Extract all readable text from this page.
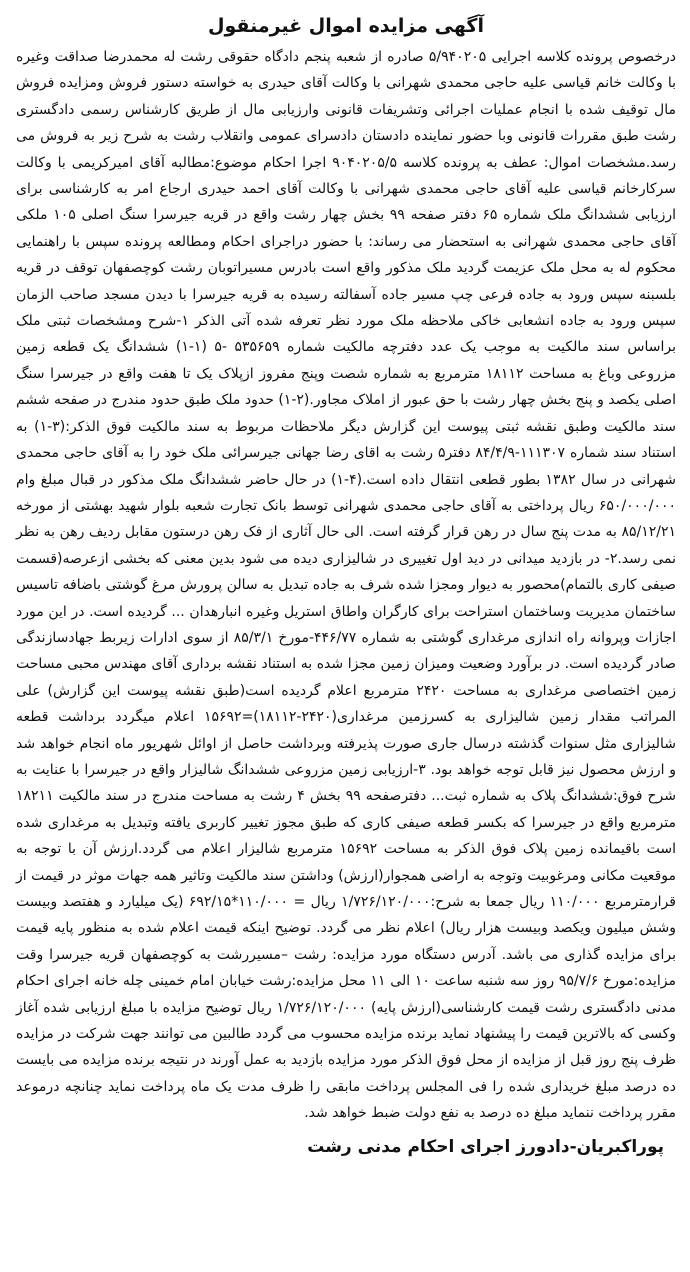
آگهی مزایده اموال غیرمنقول

درخصوص پرونده کلاسه اجرایی ۵/۹۴۰۲۰۵ صادره از شعبه پنجم دادگاه حقوقی رشت له محمدرضا صداقت وغیره با وکالت خانم قیاسی علیه حاجی محمدی شهرانی با وکالت آقای حیدری به خواسته دستور فروش ومزایده فروش مال توقیف شده با انجام عملیات اجرائی وتشریفات قانونی وارزیابی مال از طریق کارشناس رسمی دادگستری رشت طبق مقررات قانونی وبا حضور نماینده دادستان دادسرای عمومی وانقلاب رشت به شرح زیر به فروش می رسد.مشخصات اموال: عطف به پرونده کلاسه ۹۰۴۰۲۰۵/۵ اجرا احکام موضوع:مطالبه آقای امیرکریمی با وکالت سرکارخانم قیاسی علیه آقای حاجی محمدی شهرانی با وکالت آقای احمد حیدری ارجاع امر به کارشناسی برای ارزیابی ششدانگ ملک شماره ۶۵ دفتر صفحه ۹۹ بخش چهار رشت واقع در قریه جیرسرا سنگ اصلی ۱۰۵ ملکی آقای حاجی محمدی شهرانی به استحضار می رساند: با حضور دراجرای احکام ومطالعه پرونده سپس با راهنمایی محکوم له به محل ملک عزیمت گردید ملک مذکور واقع است بادرس مسیراتوبان رشت کوچصفهان توقف در قریه بلسبنه سپس ورود به جاده فرعی چپ مسیر جاده آسفالته رسیده به قریه جیرسرا با دیدن مسجد صاحب الزمان سپس ورود به جاده انشعابی خاکی ملاحظه ملک مورد نظر تعرفه شده آتی الذکر ۱-شرح ومشخصات ثبتی ملک براساس سند مالکیت به موجب یک عدد دفترچه مالکیت شماره ۵۳۵۶۵۹ -۵ (۱-۱) ششدانگ یک قطعه زمین مزروعی وباغ به مساحت ۱۸۱۱۲ مترمربع به شماره شصت وپنج مفروز ازپلاک یک تا هفت واقع در جیرسرا سنگ اصلی یکصد و پنج بخش چهار رشت با حق عبور از املاک مجاور.(۲-۱) حدود ملک طبق حدود مندرج در صفحه ششم سند مالکیت وطبق نقشه ثبتی پیوست این گزارش دیگر ملاحظات مربوط به سند مالکیت فوق الذکر:(۳-۱) به استناد سند شماره ۱۱۱۳۰۷-۸۴/۴/۹ دفتر۵ رشت به اقای رضا جهانی جیرسرائی ملک خود را به آقای حاجی محمدی شهرانی در سال ۱۳۸۲ بطور قطعی انتقال داده است.(۴-۱) در حال حاضر ششدانگ ملک مذکور در قبال مبلغ وام ۶۵۰/۰۰۰/۰۰۰ ریال پرداختی به آقای حاجی محمدی شهرانی توسط بانک تجارت شعبه بلوار شهید بهشتی از مورخه ۸۵/۱۲/۲۱ به مدت پنج سال در رهن قرار گرفته است. الی حال آثاری از فک رهن درستون مقابل ردیف رهن به نظر نمی رسد.۲- در بازدید میدانی در دید اول تغییری در شالیزاری دیده می شود بدین معنی که بخشی ازعرصه(قسمت صیفی کاری بالتمام)محصور به دیوار ومجزا شده شرف به جاده تبدیل به سالن پرورش مرغ گوشتی باضافه تاسیس ساختمان مدیریت وساختمان استراحت برای کارگران واطاق استریل وغیره انبارهدان ... گردیده است. در این مورد اجازات وپروانه راه اندازی مرغداری گوشتی به شماره ۴۴۶/۷۷-مورخ ۸۵/۳/۱ از سوی ادارات زیربط جهادسازندگی صادر گردیده است. در برآورد وضعیت ومیزان زمین مجزا شده به استناد نقشه برداری آقای مهندس محبی مساحت زمین اختصاصی مرغداری به مساحت ۲۴۲۰ مترمربع اعلام گردیده است(طبق نقشه پیوست این گزارش) علی المراتب مقدار زمین شالیزاری به کسرزمین مرغداری(۲۴۲۰-۱۸۱۱۲)=۱۵۶۹۲ اعلام میگردد برداشت قطعه شالیزاری مثل سنوات گذشته درسال جاری صورت پذیرفته وبرداشت حاصل از اوائل شهریور ماه انجام خواهد شد و ارزش محصول نیز قابل توجه خواهد بود. ۳-ارزیابی زمین مزروعی ششدانگ شالیزار واقع در جیرسرا با عنایت به شرح فوق:ششدانگ پلاک به شماره ثبت... دفترصفحه ۹۹ بخش ۴ رشت به مساحت مندرج در سند مالکیت ۱۸۲۱۱ مترمربع واقع در جیرسرا که بکسر قطعه صیفی کاری که طبق مجوز تغییر کاربری یافته وتبدیل به مرغداری شده است باقیمانده زمین پلاک فوق الذکر به مساحت ۱۵۶۹۲ مترمربع شالیزار اعلام می گردد.ارزش آن با توجه به موقعیت مکانی ومرغوبیت وتوجه به اراضی همجوار(ارزش) وداشتن سند مالکیت وتاثیر همه جهات موثر در قیمت از قرارمترمربع ۱۱۰/۰۰۰ ریال جمعا به شرح:۱/۷۲۶/۱۲۰/۰۰۰ ریال = ۱۱۰/۰۰۰*۶۹۲/۱۵ (یک میلیارد و هفتصد وبیست وشش میلیون ویکصد وبیست هزار ریال) اعلام نظر می گردد. توضیح اینکه قیمت اعلام شده به منظور پایه قیمت برای مزایده گذاری می باشد. آدرس دستگاه مورد مزایده: رشت –مسیررشت به کوچصفهان قریه جیرسرا وقت مزایده:مورخ ۹۵/۷/۶ روز سه شنبه ساعت ۱۰ الی ۱۱ محل مزایده:رشت خیابان امام خمینی چله خانه اجرای احکام مدنی دادگستری رشت قیمت کارشناسی(ارزش پایه) ۱/۷۲۶/۱۲۰/۰۰۰ ریال توضیح مزایده با مبلغ ارزیابی شده آغاز وکسی که بالاترین قیمت را پیشنهاد نماید برنده مزایده محسوب می گردد طالبین می توانند جهت شرکت در مزایده ظرف پنج روز قبل از مزایده از محل فوق الذکر مورد مزایده بازدید به عمل آورند در نتیجه برنده مزایده می بایست ده درصد مبلغ خریداری شده را فی المجلس پرداخت مابقی را ظرف مدت یک ماه پرداخت نماید چنانچه درموعد مقرر پرداخت ننماید مبلغ ده درصد به نفع دولت ضبط خواهد شد.

پوراکبریان-دادورز اجرای احکام مدنی رشت
